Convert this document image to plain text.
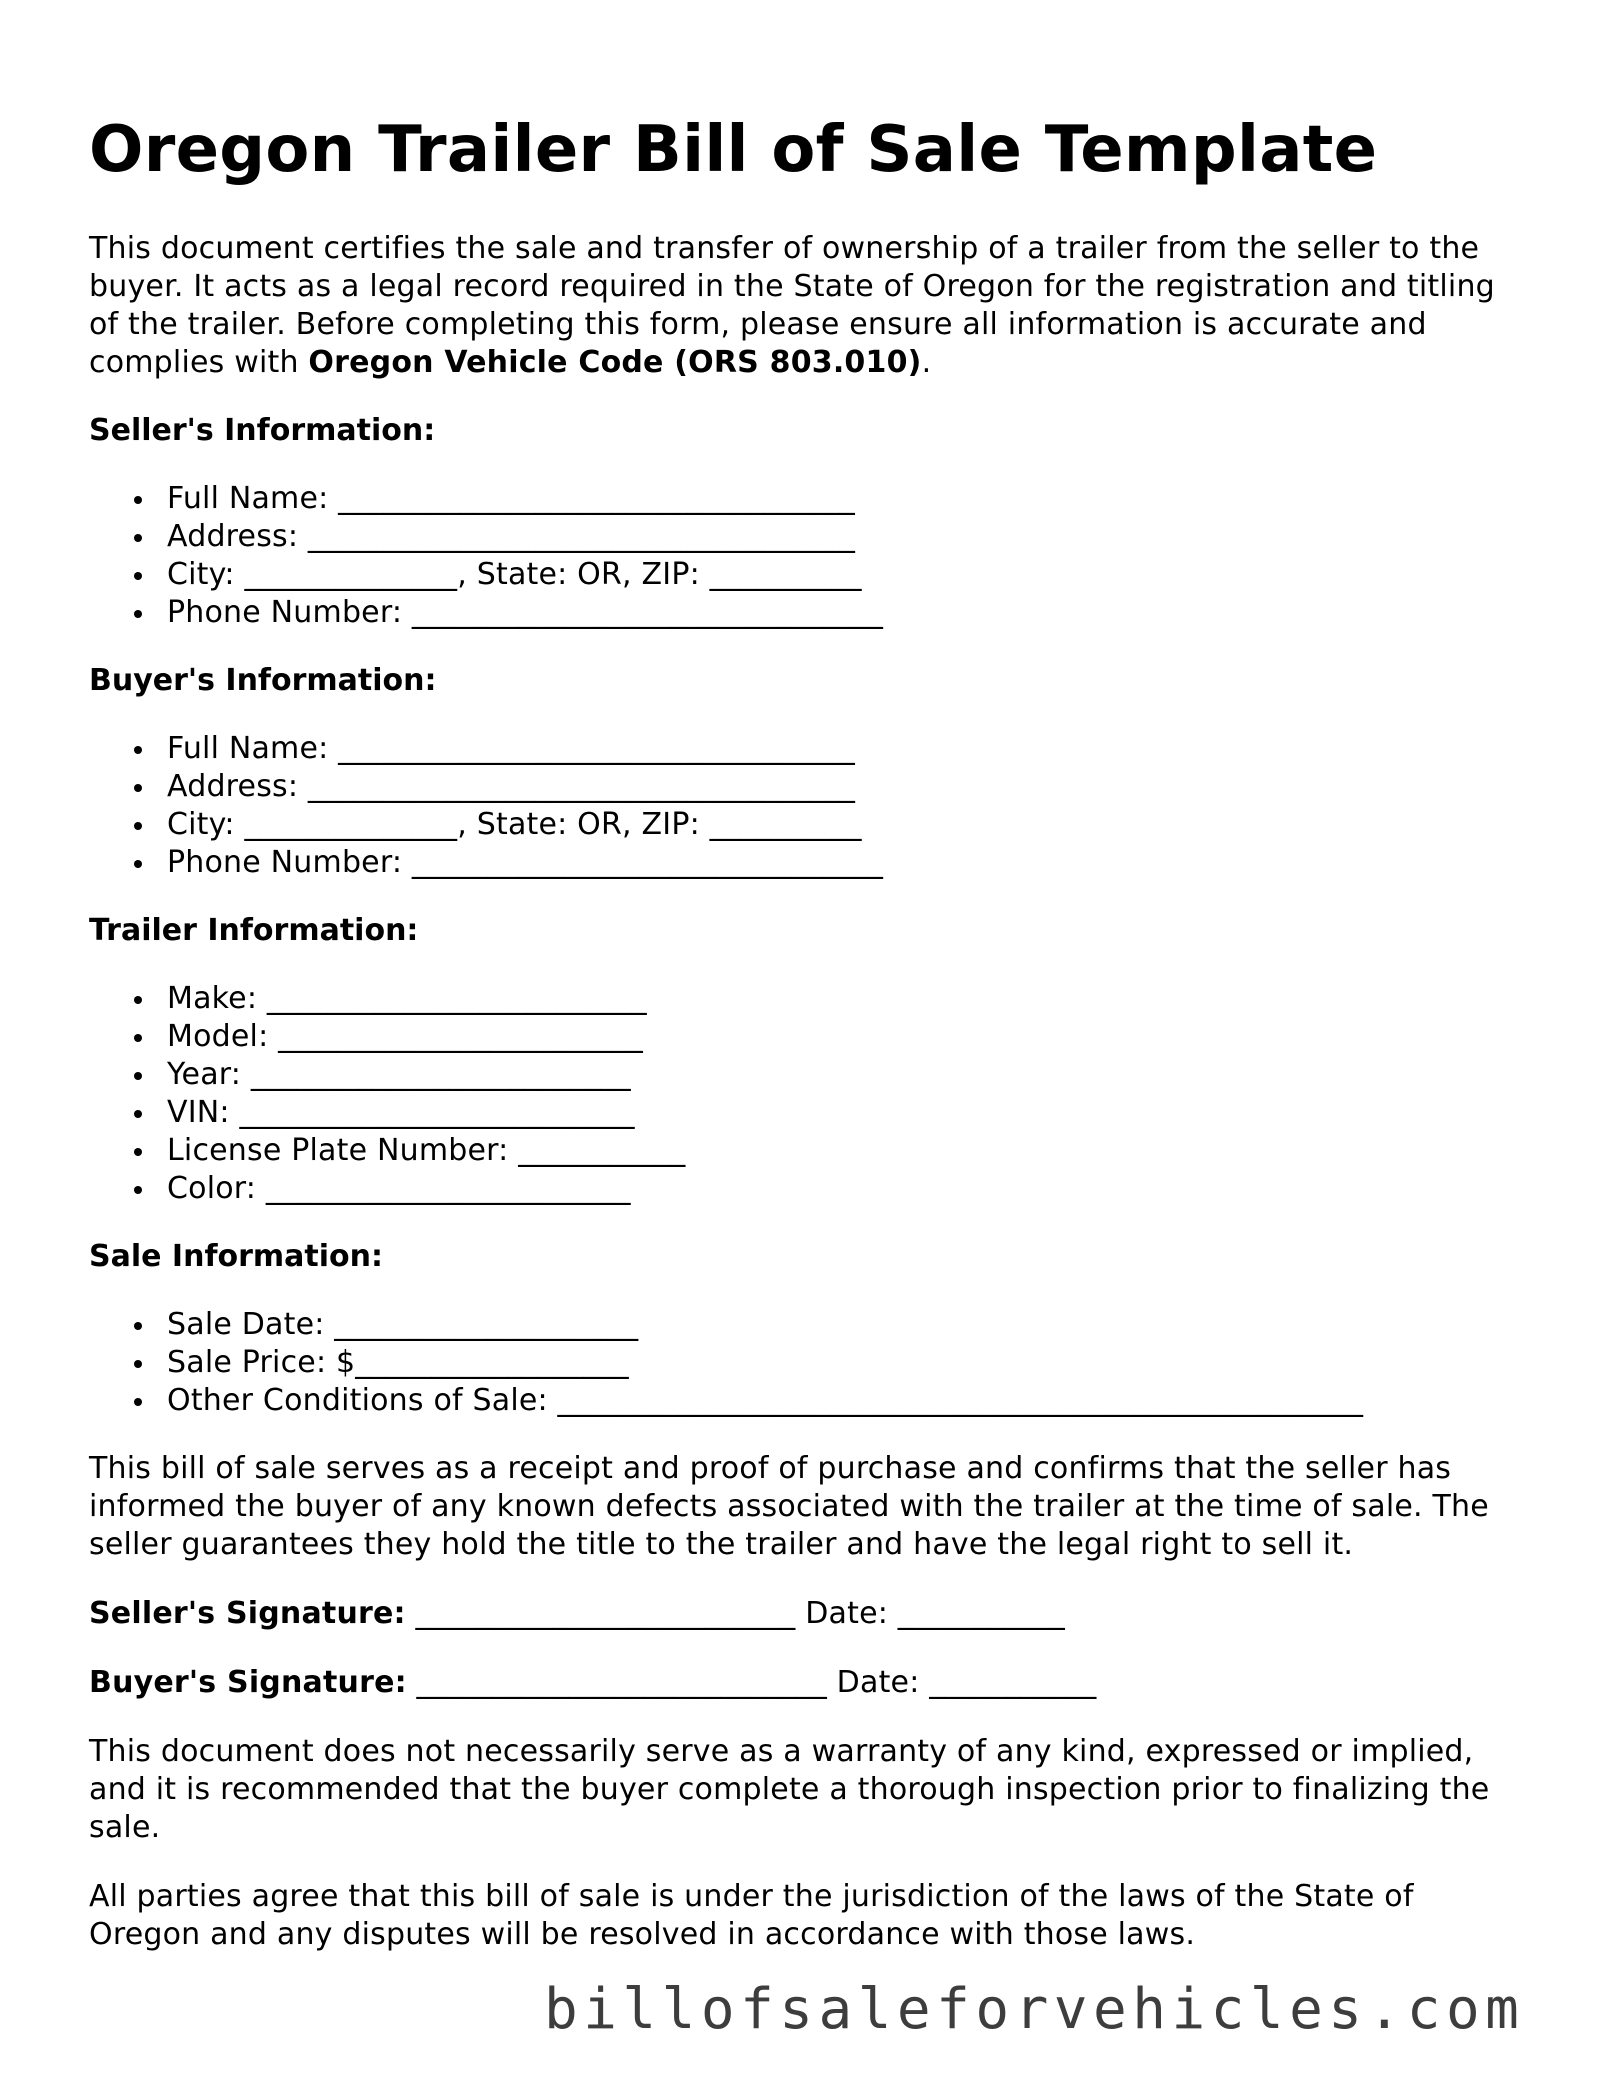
Oregon Trailer Bill of Sale Template

This document certifies the sale and transfer of ownership of a trailer from the seller to the buyer. It acts as a legal record required in the State of Oregon for the registration and titling of the trailer. Before completing this form, please ensure all information is accurate and complies with Oregon Vehicle Code (ORS 803.010).

Seller's Information:
Full Name: __________________________________
Address: ____________________________________
City: ______________, State: OR, ZIP: __________
Phone Number: _______________________________
Buyer's Information:
Full Name: __________________________________
Address: ____________________________________
City: ______________, State: OR, ZIP: __________
Phone Number: _______________________________
Trailer Information:
Make: _________________________
Model: ________________________
Year: _________________________
VIN: __________________________
License Plate Number: ___________
Color: ________________________
Sale Information:
Sale Date: ____________________
Sale Price: $__________________
Other Conditions of Sale: _____________________________________________________

This bill of sale serves as a receipt and proof of purchase and confirms that the seller has informed the buyer of any known defects associated with the trailer at the time of sale. The seller guarantees they hold the title to the trailer and have the legal right to sell it.

Seller's Signature: _________________________ Date: ___________
Buyer's Signature: ___________________________ Date: ___________

This document does not necessarily serve as a warranty of any kind, expressed or implied, and it is recommended that the buyer complete a thorough inspection prior to finalizing the sale.

All parties agree that this bill of sale is under the jurisdiction of the laws of the State of Oregon and any disputes will be resolved in accordance with those laws.

billofsaleforvehicles.com
